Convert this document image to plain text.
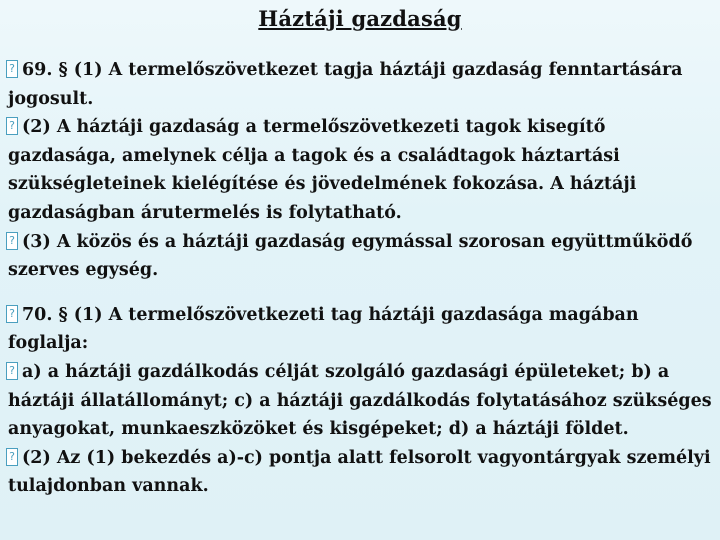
Háztáji gazdaság

? 69. § (1) A termelőszövetkezet tagja háztáji gazdaság fenntartására jogosult.

? (2) A háztáji gazdaság a termelőszövetkezeti tagok kisegítő gazdasága, amelynek célja a tagok és a családtagok háztartási szükségleteinek kielégítése és jövedelmének fokozása. A háztáji gazdaságban árutermelés is folytatható.

? (3) A közös és a háztáji gazdaság egymással szorosan együttműködő szerves egység.

? 70. § (1) A termelőszövetkezeti tag háztáji gazdasága magában foglalja:

? a) a háztáji gazdálkodás célját szolgáló gazdasági épületeket; b) a háztáji állatállományt; c) a háztáji gazdálkodás folytatásához szükséges anyagokat, munkaeszközöket és kisgépeket; d) a háztáji földet.

? (2) Az (1) bekezdés a)-c) pontja alatt felsorolt vagyontárgyak személyi tulajdonban vannak.
